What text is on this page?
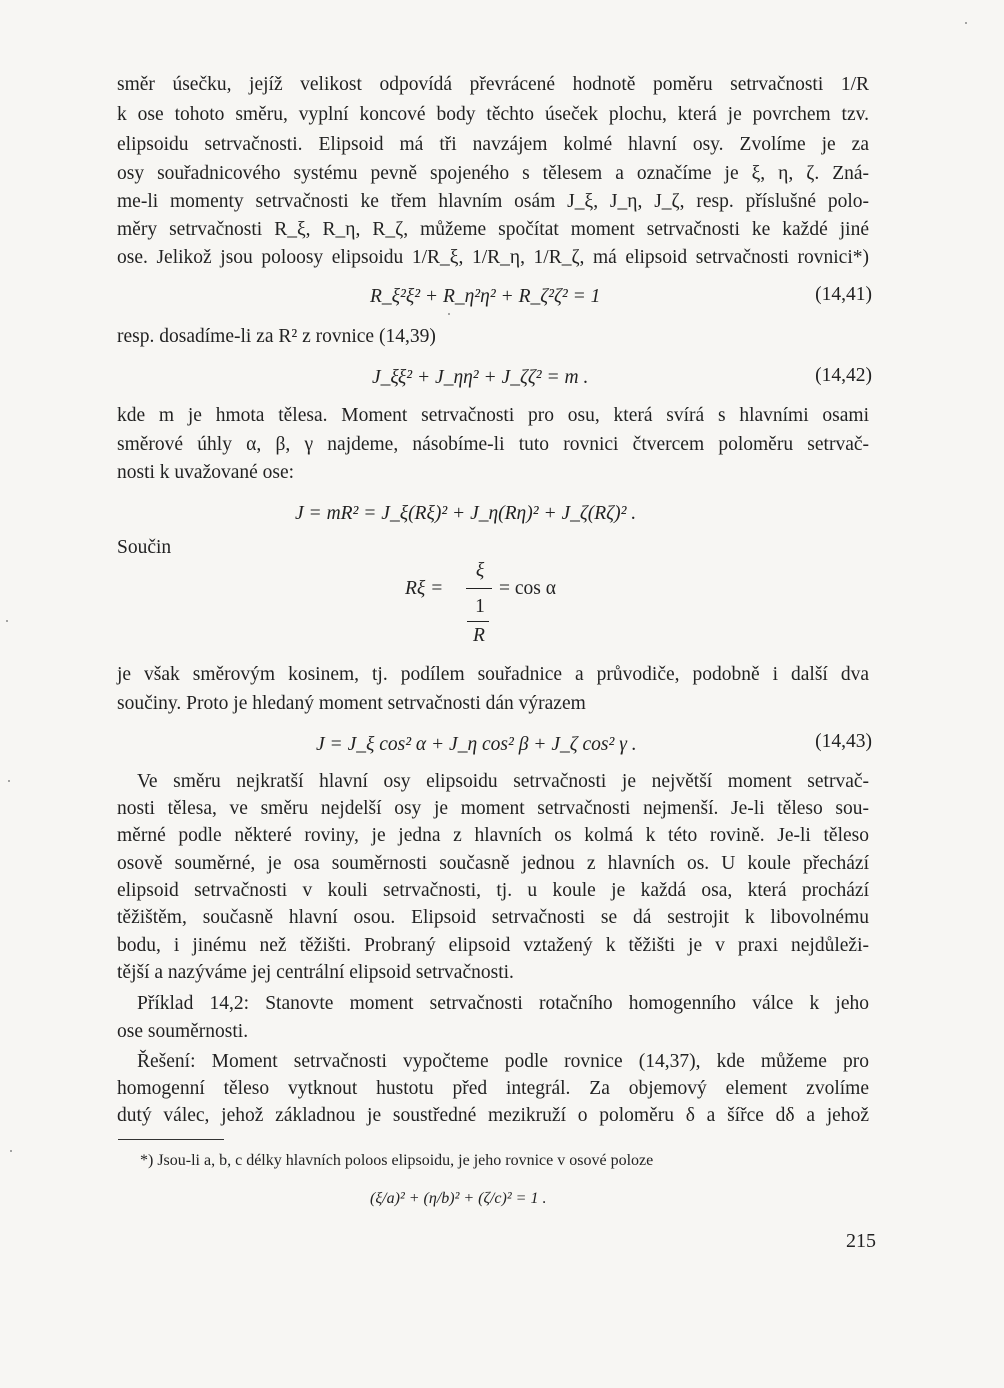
směr úsečku, jejíž velikost odpovídá převrácené hodnotě poměru setrvačnosti 1/R
k ose tohoto směru, vyplní koncové body těchto úseček plochu, která je povrchem tzv.
elipsoidu setrvačnosti. Elipsoid má tři navzájem kolmé hlavní osy. Zvolíme je za
osy souřadnicového systému pevně spojeného s tělesem a označíme je ξ, η, ζ. Zná-
me-li momenty setrvačnosti ke třem hlavním osám J_ξ, J_η, J_ζ, resp. příslušné polo-
měry setrvačnosti R_ξ, R_η, R_ζ, můžeme spočítat moment setrvačnosti ke každé jiné
ose. Jelikož jsou poloosy elipsoidu 1/R_ξ, 1/R_η, 1/R_ζ, má elipsoid setrvačnosti rovnici*)
R_ξ²ξ² + R_η²η² + R_ζ²ζ² = 1	(14,41)
resp. dosadíme-li za R² z rovnice (14,39)
J_ξξ² + J_ηη² + J_ζζ² = m .	(14,42)
kde m je hmota tělesa. Moment setrvačnosti pro osu, která svírá s hlavními osami
směrové úhly α, β, γ najdeme, násobíme-li tuto rovnici čtvercem poloměru setrvač-
nosti k uvažované ose:
J = mR² = J_ξ(Rξ)² + J_η(Rη)² + J_ζ(Rζ)² .
Součin
Rξ =
ξ
1
R
= cos α
je však směrovým kosinem, tj. podílem souřadnice a průvodiče, podobně i další dva
součiny. Proto je hledaný moment setrvačnosti dán výrazem
J = J_ξ cos² α + J_η cos² β + J_ζ cos² γ .	(14,43)
Ve směru nejkratší hlavní osy elipsoidu setrvačnosti je největší moment setrvač-
nosti tělesa, ve směru nejdelší osy je moment setrvačnosti nejmenší. Je-li těleso sou-
měrné podle některé roviny, je jedna z hlavních os kolmá k této rovině. Je-li těleso
osově souměrné, je osa souměrnosti současně jednou z hlavních os. U koule přechází
elipsoid setrvačnosti v kouli setrvačnosti, tj. u koule je každá osa, která prochází
těžištěm, současně hlavní osou. Elipsoid setrvačnosti se dá sestrojit k libovolnému
bodu, i jinému než těžišti. Probraný elipsoid vztažený k těžišti je v praxi nejdůleži-
tější a nazýváme jej centrální elipsoid setrvačnosti.
Příklad 14,2: Stanovte moment setrvačnosti rotačního homogenního válce k jeho
ose souměrnosti.
Řešení: Moment setrvačnosti vypočteme podle rovnice (14,37), kde můžeme pro
homogenní těleso vytknout hustotu před integrál. Za objemový element zvolíme
dutý válec, jehož základnou je soustředné mezikruží o poloměru δ a šířce dδ a jehož
*) Jsou-li a, b, c délky hlavních poloos elipsoidu, je jeho rovnice v osové poloze
(ξ/a)² + (η/b)² + (ζ/c)² = 1 .
215
